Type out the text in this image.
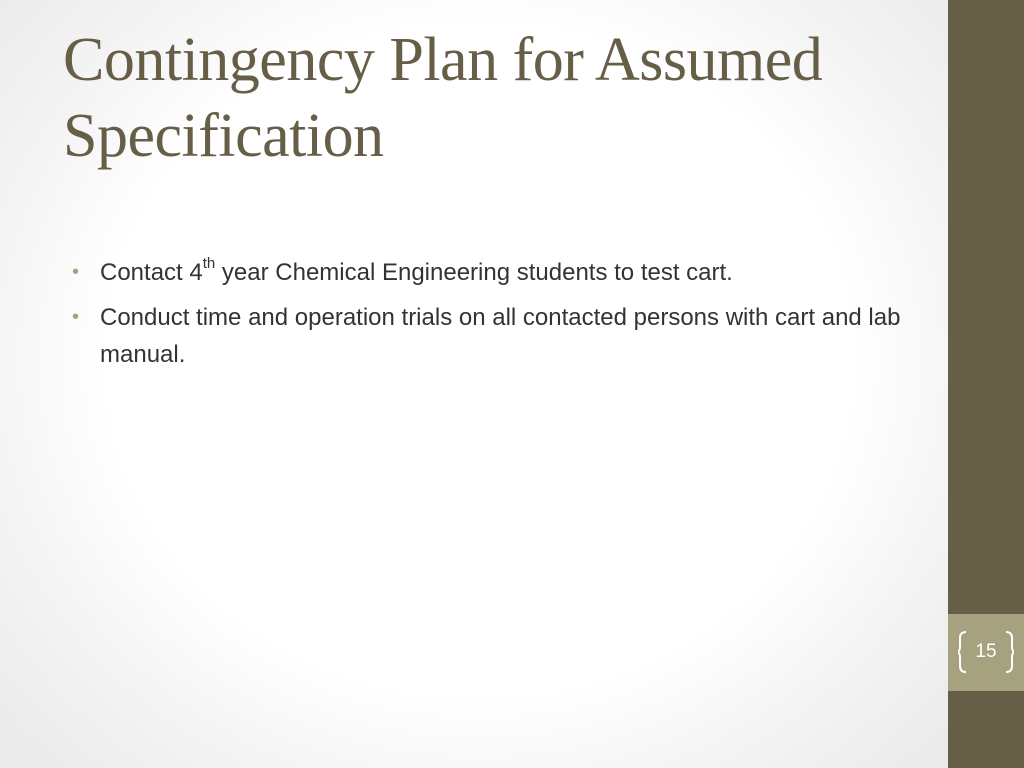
Contingency Plan for Assumed Specification
• Contact 4th year Chemical Engineering students to test cart.
• Conduct time and operation trials on all contacted persons with cart and lab manual.
15
